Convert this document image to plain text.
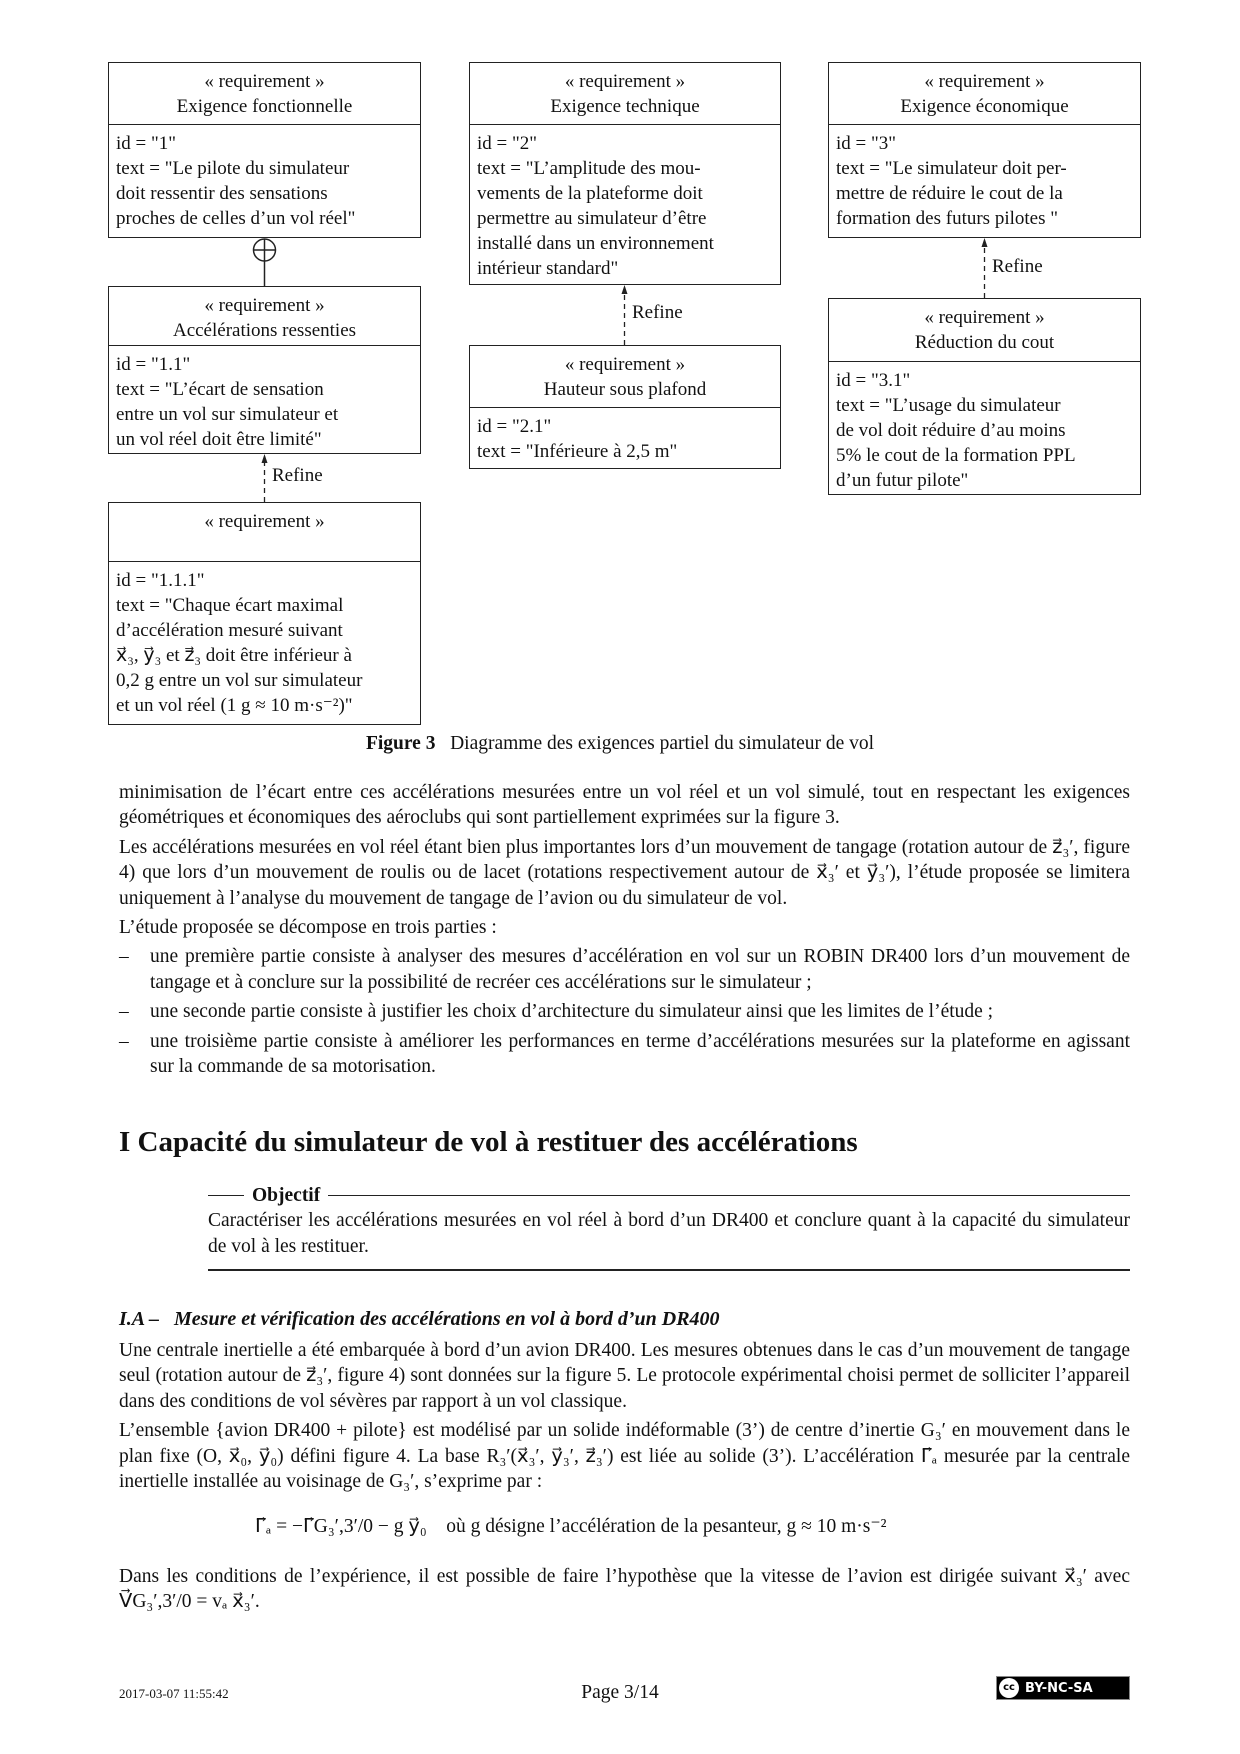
« requirement »
Exigence fonctionnelle
id = "1"
text = "Le pilote du simulateur
doit ressentir des sensations
proches de celles d’un vol réel"
« requirement »
Exigence technique
id = "2"
text = "L’amplitude des mou-
vements de la plateforme doit
permettre au simulateur d’être
installé dans un environnement
intérieur standard"
« requirement »
Exigence économique
id = "3"
text = "Le simulateur doit per-
mettre de réduire le cout de la
formation des futurs pilotes "
« requirement »
Accélérations ressenties
id = "1.1"
text = "L’écart de sensation
entre un vol sur simulateur et
un vol réel doit être limité"
« requirement »
Hauteur sous plafond
id = "2.1"
text = "Inférieure à 2,5 m"
« requirement »
Réduction du cout
id = "3.1"
text = "L’usage du simulateur
de vol doit réduire d’au moins
5% le cout de la formation PPL
d’un futur pilote"
« requirement »
id = "1.1.1"
text = "Chaque écart maximal
d’accélération mesuré suivant
x⃗₃, y⃗₃ et z⃗₃ doit être inférieur à
0,2 g entre un vol sur simulateur
et un vol réel (1 g ≈ 10 m·s⁻²)"
Refine
Refine
Refine
Figure 3 Diagramme des exigences partiel du simulateur de vol

minimisation de l’écart entre ces accélérations mesurées entre un vol réel et un vol simulé, tout en respectant les exigences géométriques et économiques des aéroclubs qui sont partiellement exprimées sur la figure 3.

Les accélérations mesurées en vol réel étant bien plus importantes lors d’un mouvement de tangage (rotation autour de z⃗₃′, figure 4) que lors d’un mouvement de roulis ou de lacet (rotations respectivement autour de x⃗₃′ et y⃗₃′), l’étude proposée se limitera uniquement à l’analyse du mouvement de tangage de l’avion ou du simulateur de vol.

L’étude proposée se décompose en trois parties :

–	une première partie consiste à analyser des mesures d’accélération en vol sur un ROBIN DR400 lors d’un mouvement de tangage et à conclure sur la possibilité de recréer ces accélérations sur le simulateur ;
–	une seconde partie consiste à justifier les choix d’architecture du simulateur ainsi que les limites de l’étude ;
–	une troisième partie consiste à améliorer les performances en terme d’accélérations mesurées sur la plateforme en agissant sur la commande de sa motorisation.
I Capacité du simulateur de vol à restituer des accélérations
Objectif
Caractériser les accélérations mesurées en vol réel à bord d’un DR400 et conclure quant à la capacité du simulateur de vol à les restituer.
I.A –   Mesure et vérification des accélérations en vol à bord d’un DR400

Une centrale inertielle a été embarquée à bord d’un avion DR400. Les mesures obtenues dans le cas d’un mouvement de tangage seul (rotation autour de z⃗₃′, figure 4) sont données sur la figure 5. Le protocole expérimental choisi permet de solliciter l’appareil dans des conditions de vol sévères par rapport à un vol classique.

L’ensemble {avion DR400 + pilote} est modélisé par un solide indéformable (3’) de centre d’inertie G₃′ en mouvement dans le plan fixe (O, x⃗₀, y⃗₀) défini figure 4. La base R₃′(x⃗₃′, y⃗₃′, z⃗₃′) est liée au solide (3’). L’accélération Γ⃗ₐ mesurée par la centrale inertielle installée au voisinage de G₃′, s’exprime par :

Γ⃗ₐ = −Γ⃗G₃′,3′/0 − g y⃗₀ où g désigne l’accélération de la pesanteur, g ≈ 10 m·s⁻²

Dans les conditions de l’expérience, il est possible de faire l’hypothèse que la vitesse de l’avion est dirigée suivant x⃗₃′ avec V⃗G₃′,3′/0 = vₐ x⃗₃′.

2017-03-07 11:55:42	Page 3/14	cc BY-NC-SA
